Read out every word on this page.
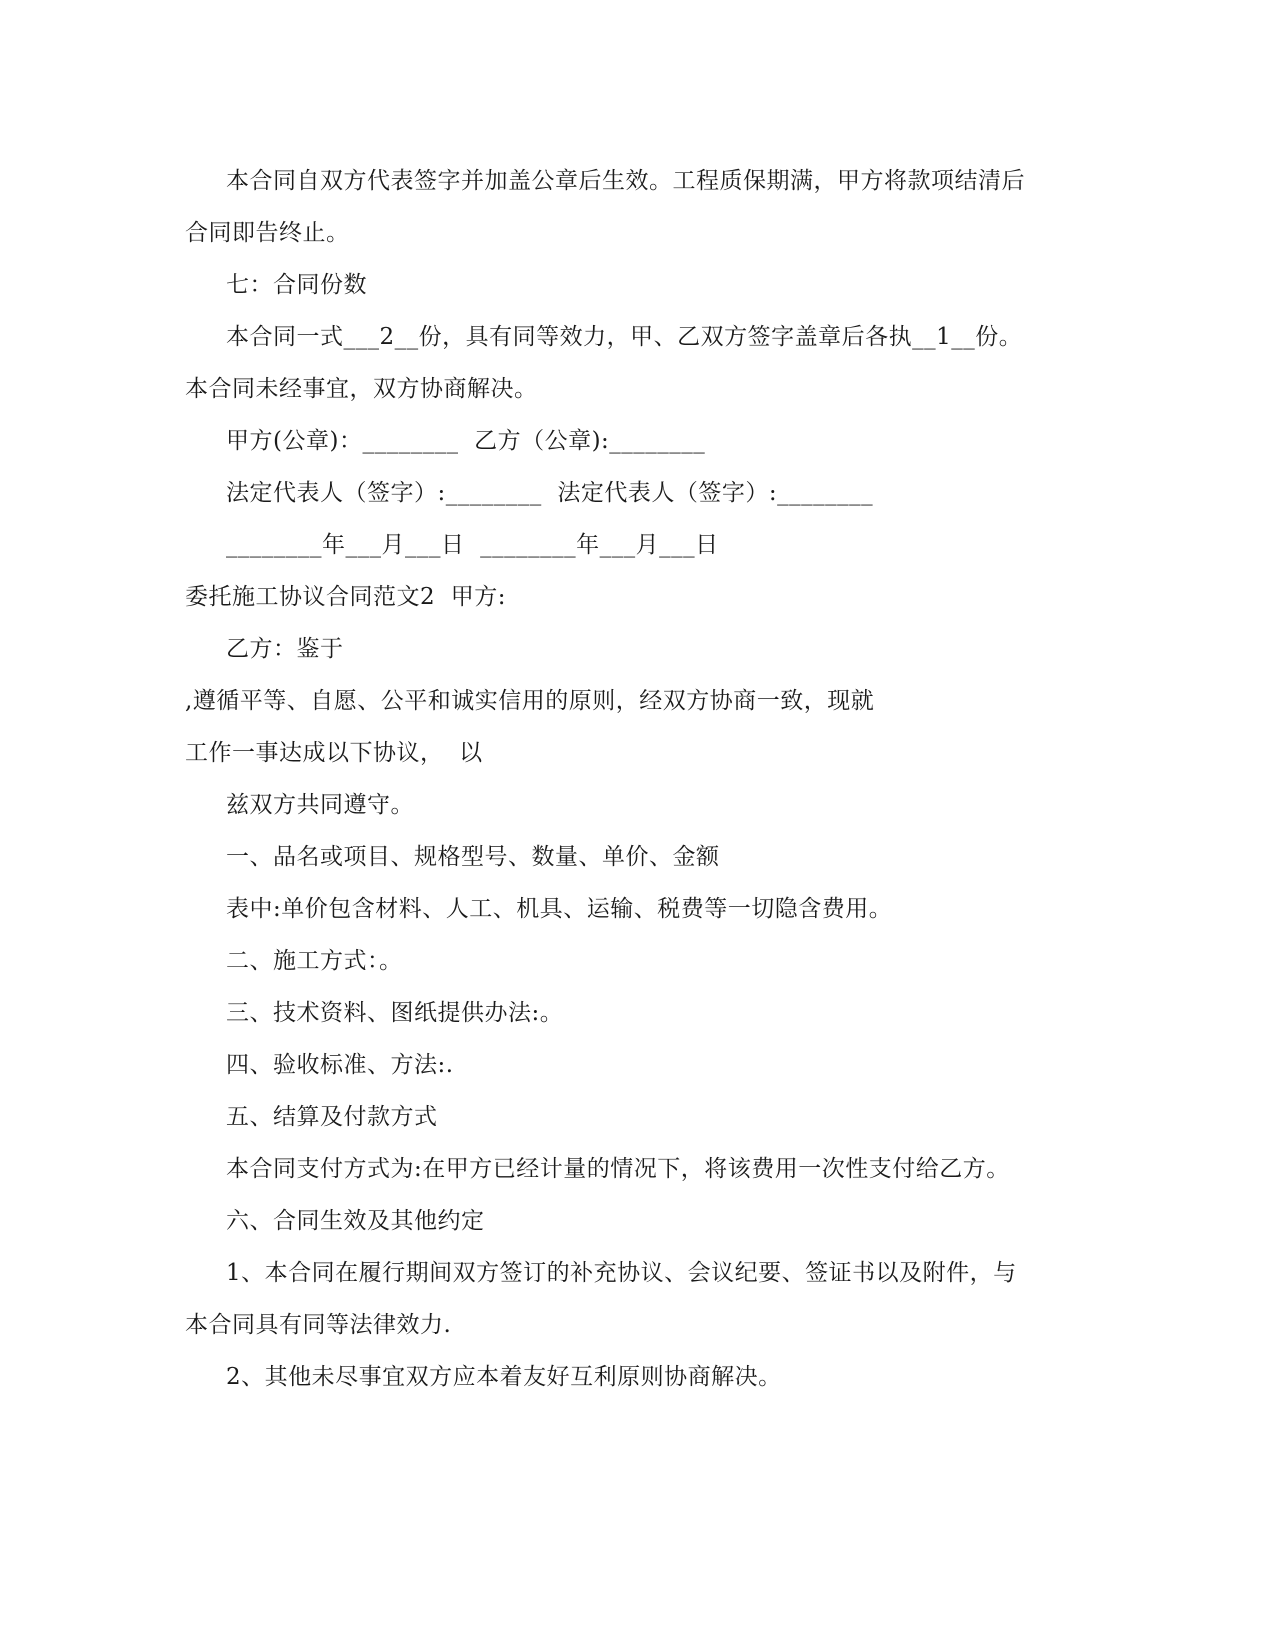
本合同自双方代表签字并加盖公章后生效。工程质保期满，甲方将款项结清后
合同即告终止。
七：合同份数
本合同一式___2__份，具有同等效力，甲、乙双方签字盖章后各执__1__份。
本合同未经事宜，双方协商解决。
甲方(公章)：________  乙方（公章):________
法定代表人（签字）:________  法定代表人（签字）:________
________年___月___日  ________年___月___日
委托施工协议合同范文2  甲方:
乙方：鉴于
,遵循平等、自愿、公平和诚实信用的原则，经双方协商一致，现就
工作一事达成以下协议，  以
兹双方共同遵守。
一、品名或项目、规格型号、数量、单价、金额
表中:单价包含材料、人工、机具、运输、税费等一切隐含费用。
二、施工方式：。
三、技术资料、图纸提供办法:。
四、验收标准、方法:.
五、结算及付款方式
本合同支付方式为:在甲方已经计量的情况下，将该费用一次性支付给乙方。
六、合同生效及其他约定
1、本合同在履行期间双方签订的补充协议、会议纪要、签证书以及附件，与
本合同具有同等法律效力.
2、其他未尽事宜双方应本着友好互利原则协商解决。
